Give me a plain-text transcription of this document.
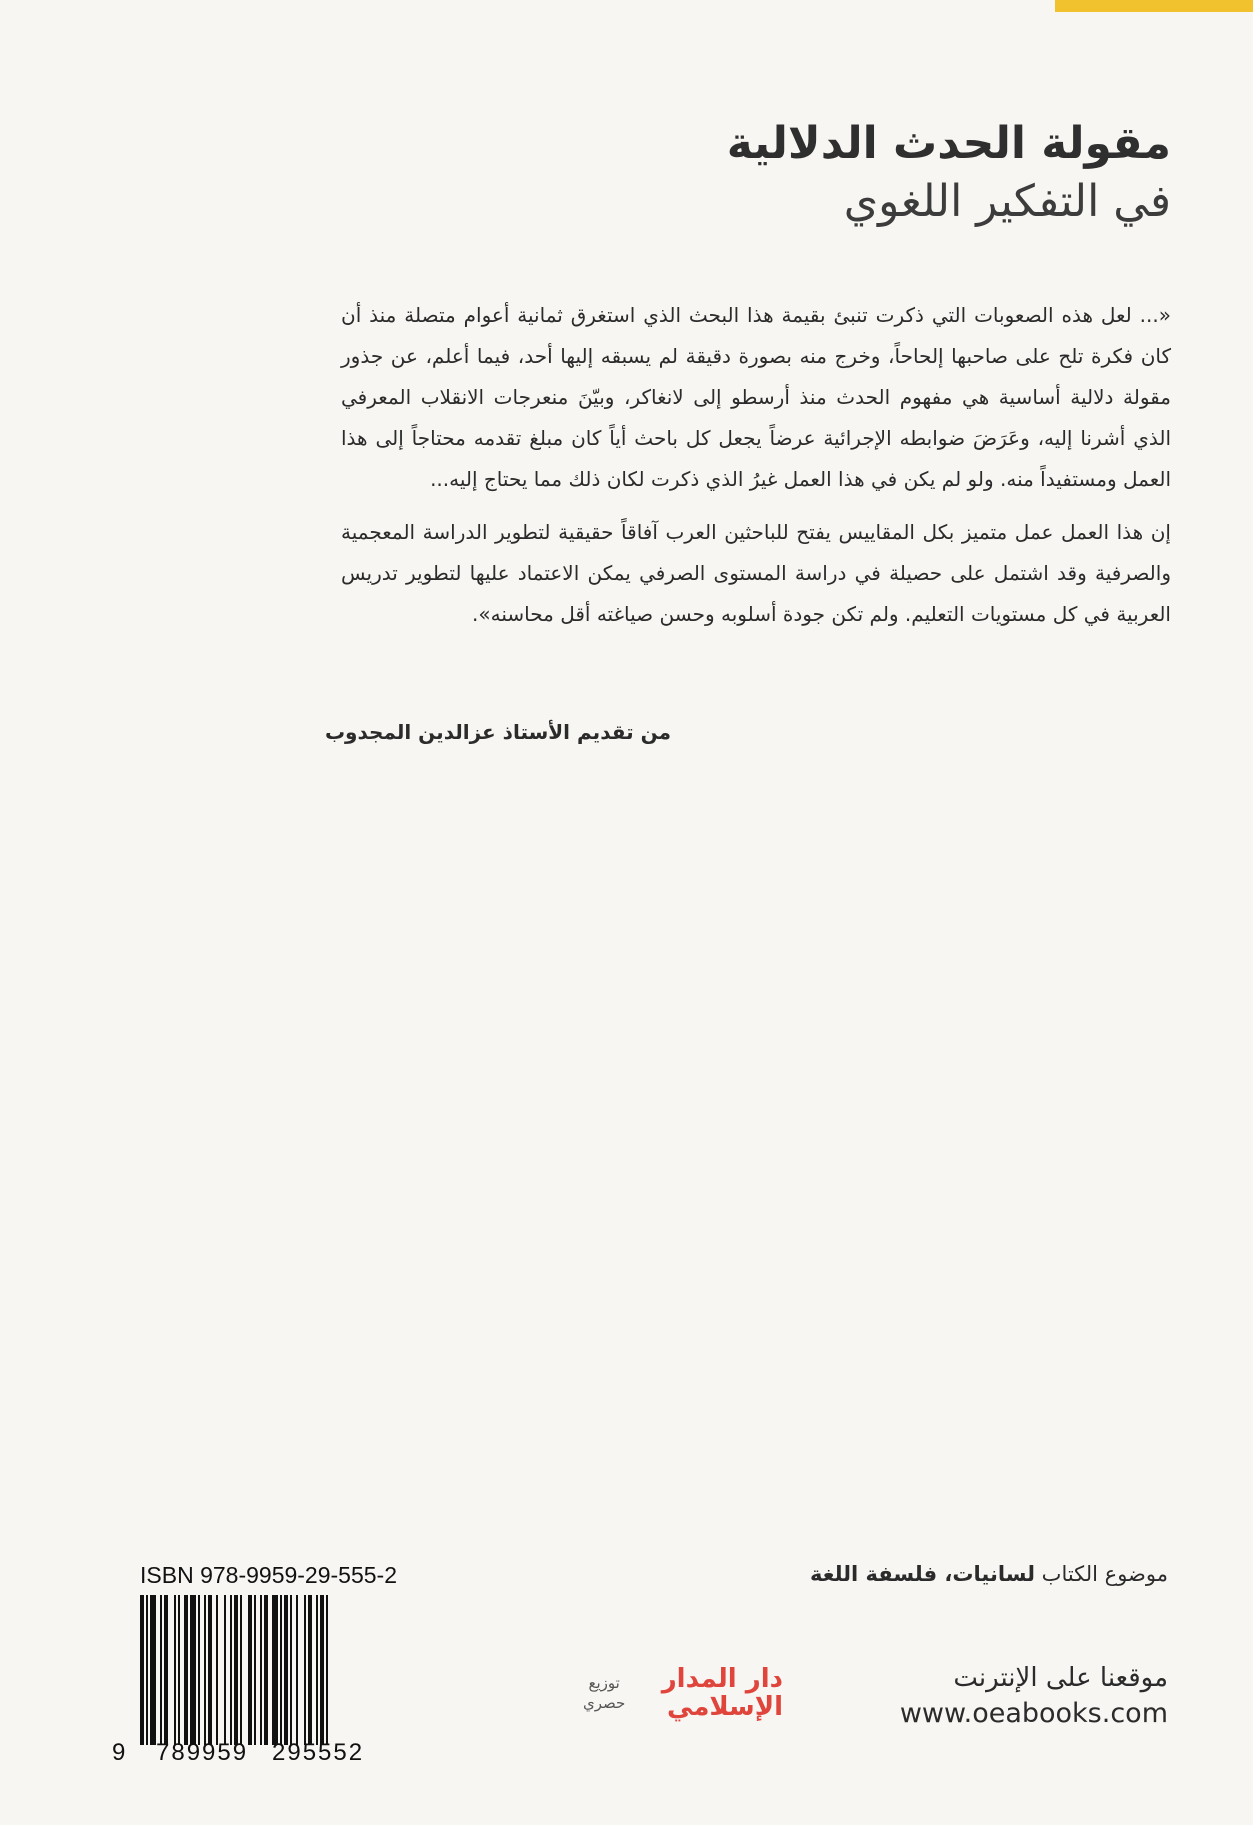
مقولة الحدث الدلالية
في التفكير اللغوي

«... لعل هذه الصعوبات التي ذكرت تنبئ بقيمة هذا البحث الذي استغرق ثمانية أعوام متصلة منذ أن كان فكرة تلح على صاحبها إلحاحاً، وخرج منه بصورة دقيقة لم يسبقه إليها أحد، فيما أعلم، عن جذور مقولة دلالية أساسية هي مفهوم الحدث منذ أرسطو إلى لانغاكر، وبيّنَ منعرجات الانقلاب المعرفي الذي أشرنا إليه، وعَرَضَ ضوابطه الإجرائية عرضاً يجعل كل باحث أياً كان مبلغ تقدمه محتاجاً إلى هذا العمل ومستفيداً منه. ولو لم يكن في هذا العمل غيرُ الذي ذكرت لكان ذلك مما يحتاج إليه...

إن هذا العمل عمل متميز بكل المقاييس يفتح للباحثين العرب آفاقاً حقيقية لتطوير الدراسة المعجمية والصرفية وقد اشتمل على حصيلة في دراسة المستوى الصرفي يمكن الاعتماد عليها لتطوير تدريس العربية في كل مستويات التعليم. ولم تكن جودة أسلوبه وحسن صياغته أقل محاسنه».

من تقديم الأستاذ عزالدين المجدوب
موضوع الكتاب لسانيات، فلسفة اللغة
موقعنا على الإنترنت
www.oeabooks.com
دار المدار
الإسلامي
توزيع
حصري
ISBN 978-9959-29-555-2
9 789959 295552
